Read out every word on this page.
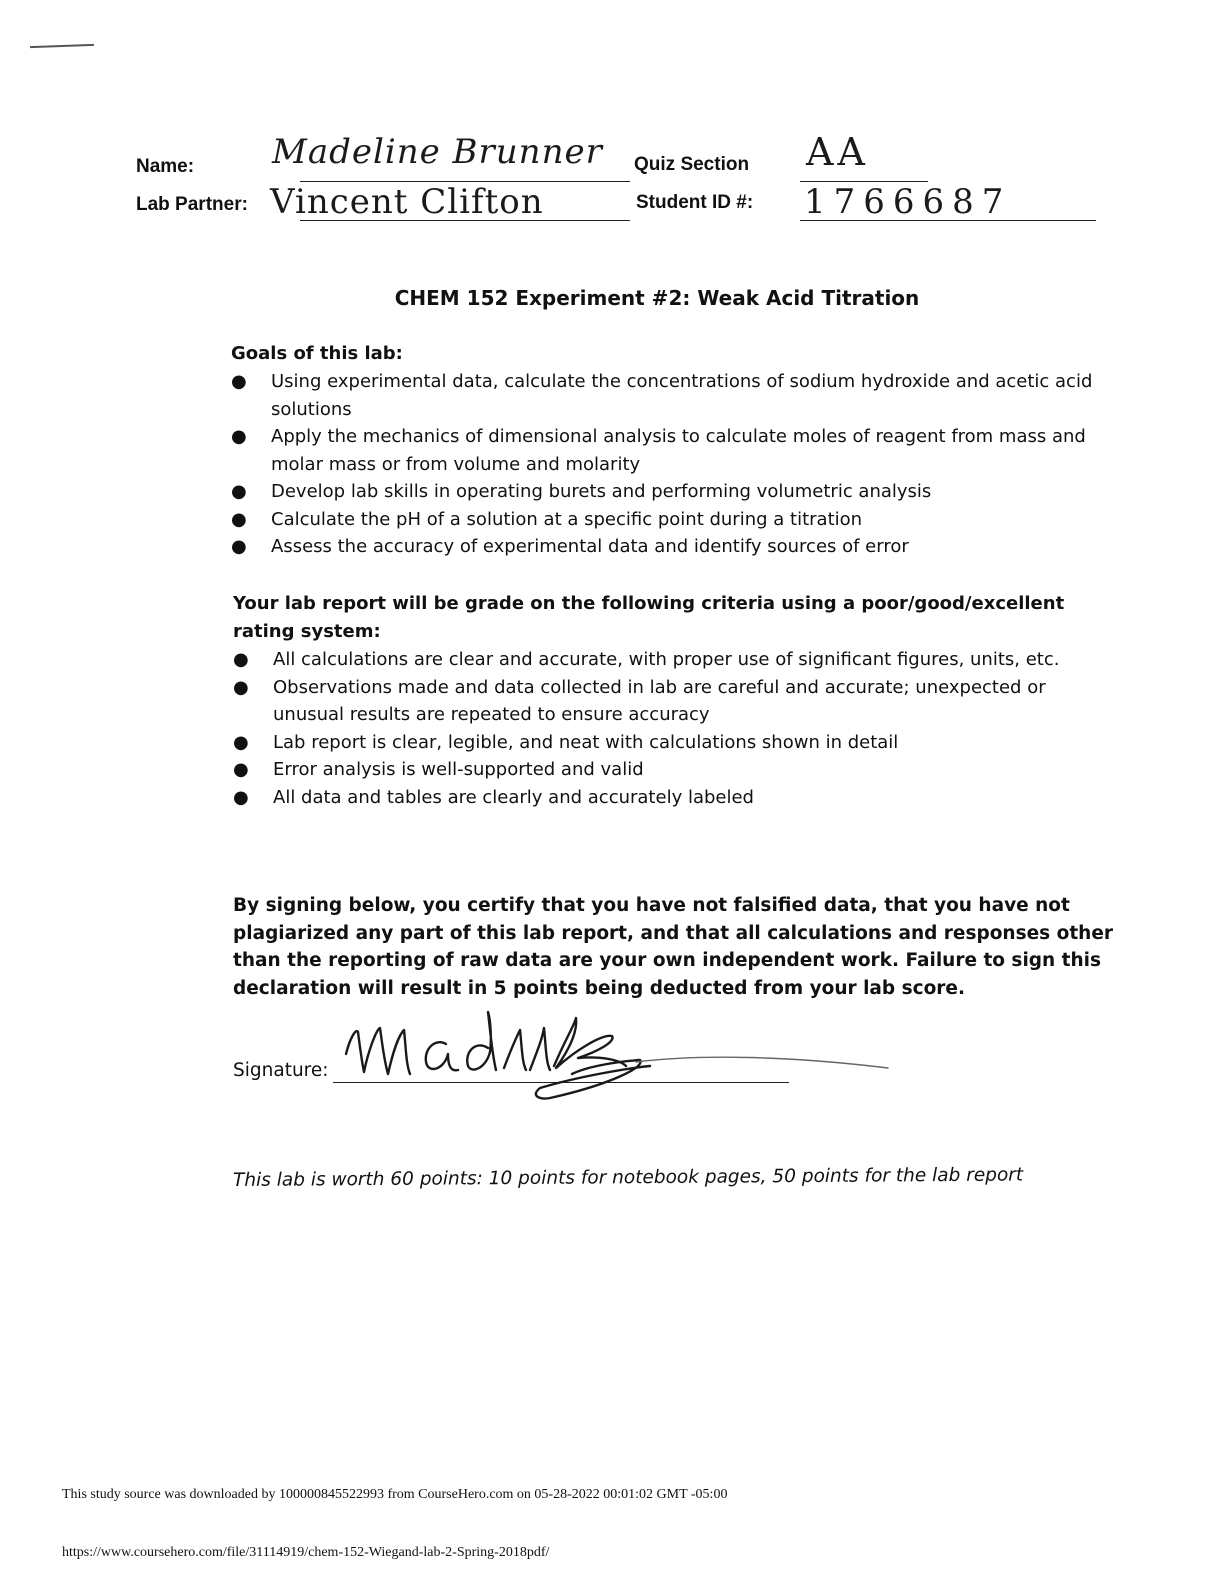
Name: Madeline Brunner Quiz Section AA
Lab Partner: Vincent Clifton	Student ID #: 1766687
CHEM 152 Experiment #2: Weak Acid Titration
Goals of this lab:
● Using experimental data, calculate the concentrations of sodium hydroxide and acetic acid solutions
● Apply the mechanics of dimensional analysis to calculate moles of reagent from mass and molar mass or from volume and molarity
● Develop lab skills in operating burets and performing volumetric analysis
● Calculate the pH of a solution at a specific point during a titration
● Assess the accuracy of experimental data and identify sources of error
Your lab report will be grade on the following criteria using a poor/good/excellent rating system:
● All calculations are clear and accurate, with proper use of significant figures, units, etc.
● Observations made and data collected in lab are careful and accurate; unexpected or unusual results are repeated to ensure accuracy
● Lab report is clear, legible, and neat with calculations shown in detail
● Error analysis is well-supported and valid
● All data and tables are clearly and accurately labeled
By signing below, you certify that you have not falsified data, that you have not plagiarized any part of this lab report, and that all calculations and responses other than the reporting of raw data are your own independent work. Failure to sign this declaration will result in 5 points being deducted from your lab score.
Signature:
This lab is worth 60 points: 10 points for notebook pages, 50 points for the lab report
This study source was downloaded by 100000845522993 from CourseHero.com on 05-28-2022 00:01:02 GMT -05:00
https://www.coursehero.com/file/31114919/chem-152-Wiegand-lab-2-Spring-2018pdf/
